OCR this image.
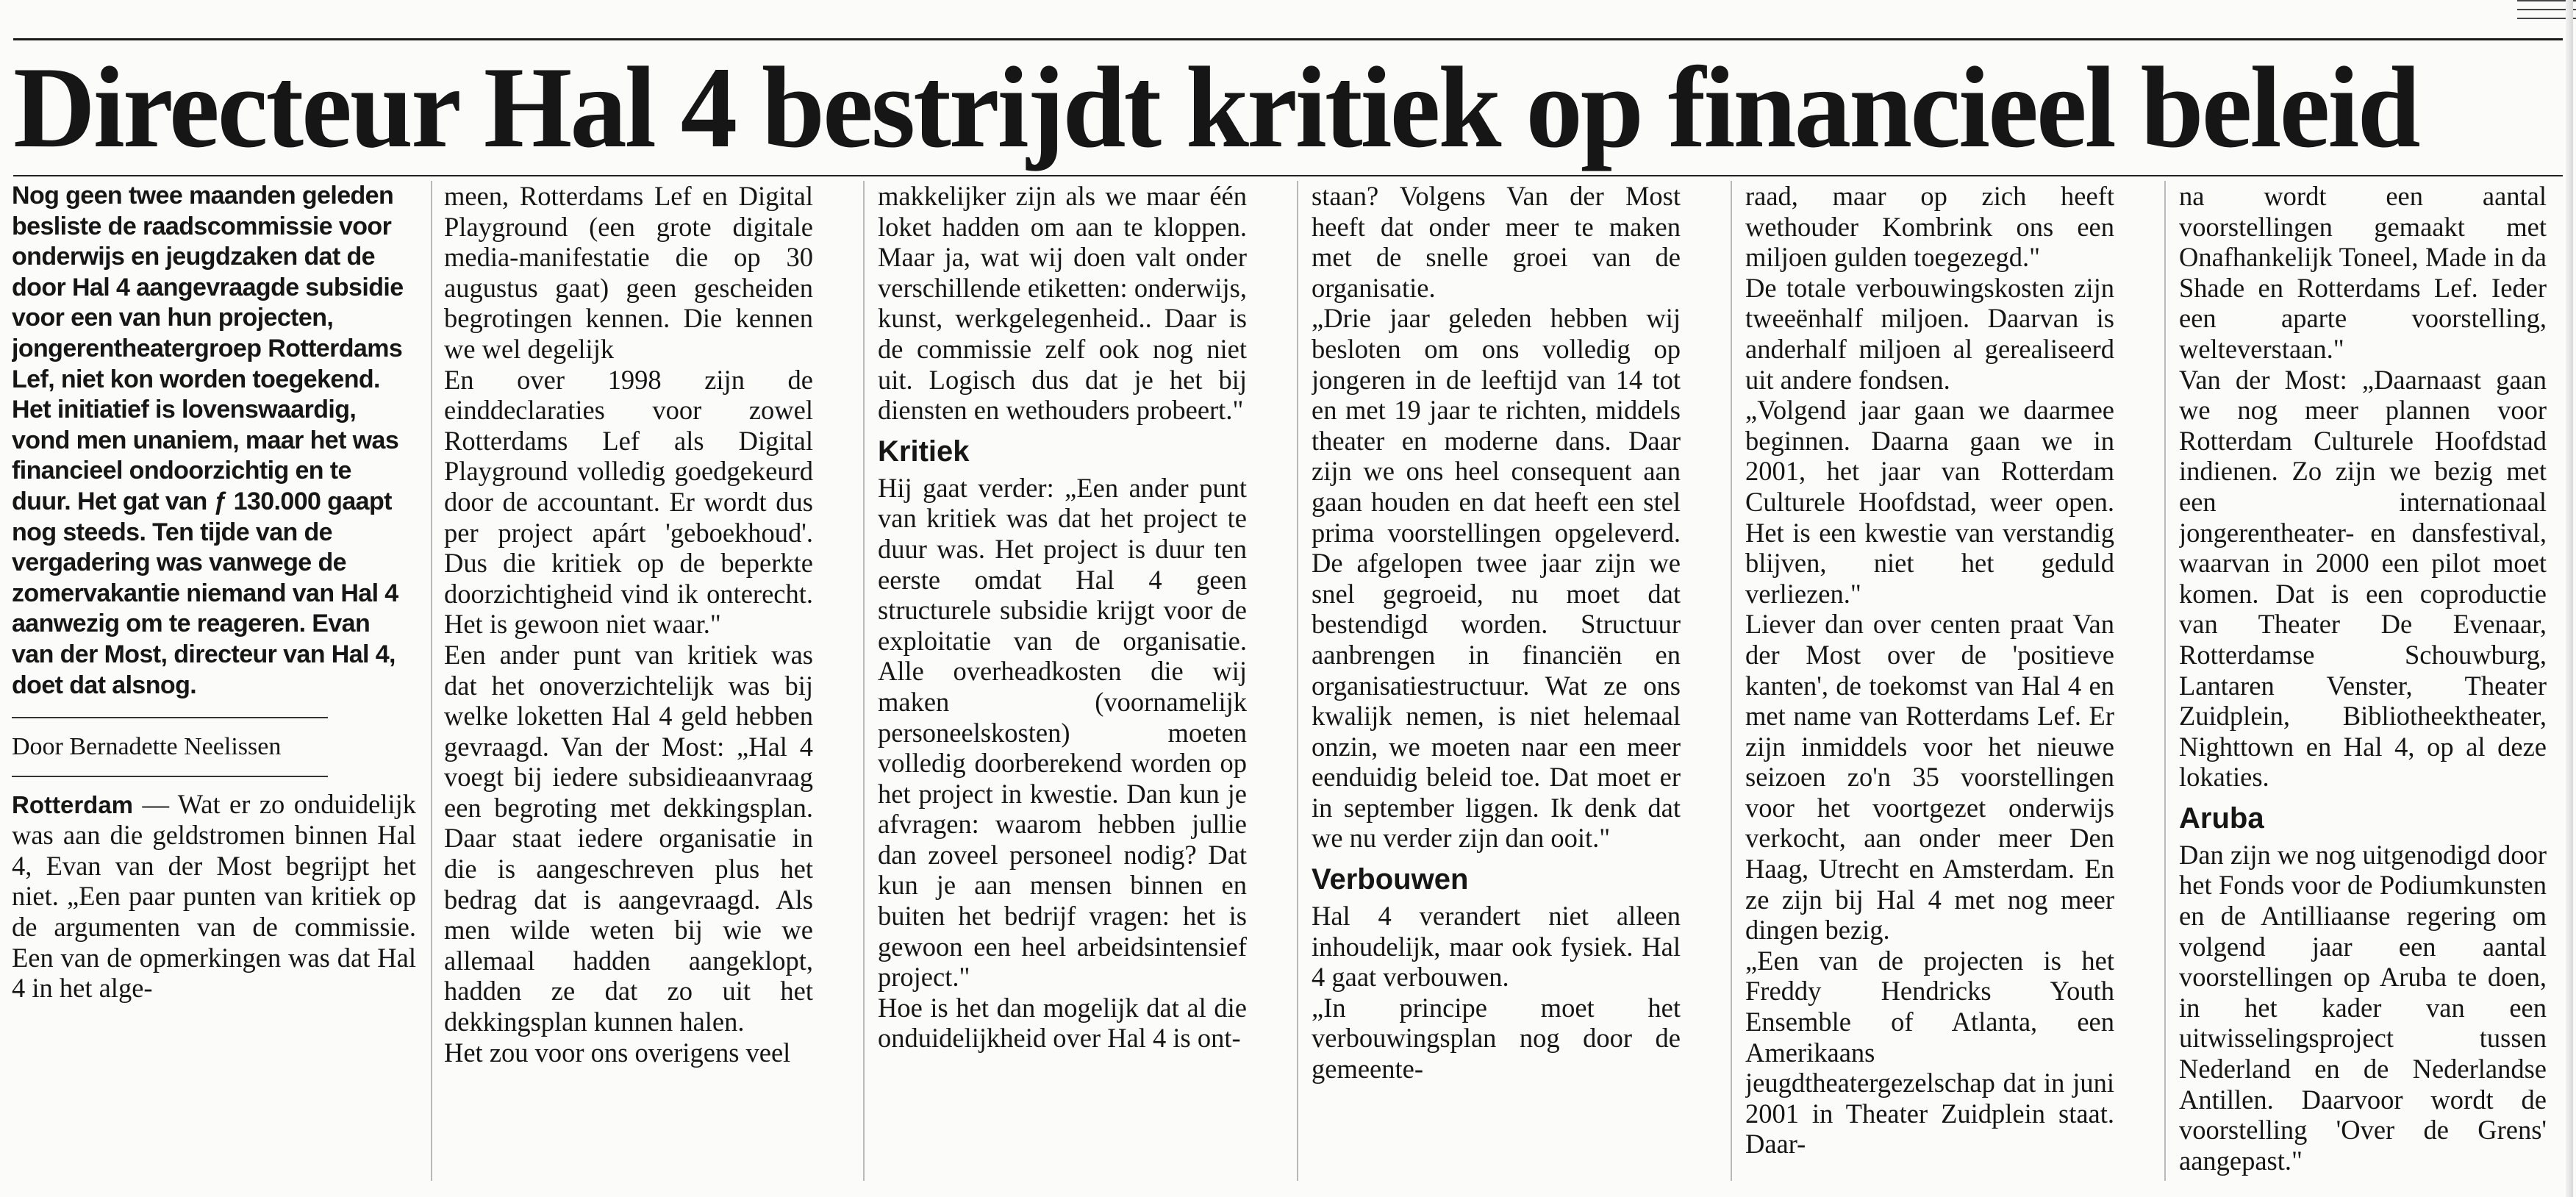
Directeur Hal 4 bestrijdt kritiek op financieel beleid

Nog geen twee maanden geleden besliste de raadscommissie voor onderwijs en jeugdzaken dat de door Hal 4 aangevraagde subsidie voor een van hun projecten, jongerentheatergroep Rotterdams Lef, niet kon worden toegekend. Het initiatief is lovenswaardig, vond men unaniem, maar het was financieel ondoorzichtig en te duur. Het gat van ƒ 130.000 gaapt nog steeds. Ten tijde van de vergadering was vanwege de zomervakantie niemand van Hal 4 aanwezig om te reageren. Evan van der Most, directeur van Hal 4, doet dat alsnog.

Door Bernadette Neelissen

Rotterdam — Wat er zo onduidelijk was aan die geldstromen binnen Hal 4, Evan van der Most begrijpt het niet. „Een paar punten van kritiek op de argumenten van de commissie. Een van de opmerkingen was dat Hal 4 in het alge-

meen, Rotterdams Lef en Digital Playground (een grote digitale media-manifestatie die op 30 augustus gaat) geen gescheiden begrotingen kennen. Die kennen we wel degelijk

En over 1998 zijn de einddeclaraties voor zowel Rotterdams Lef als Digital Playground volledig goedgekeurd door de accountant. Er wordt dus per project apárt 'geboekhoud'. Dus die kritiek op de beperkte doorzichtigheid vind ik onterecht. Het is gewoon niet waar."

Een ander punt van kritiek was dat het onoverzichtelijk was bij welke loketten Hal 4 geld hebben gevraagd. Van der Most: „Hal 4 voegt bij iedere subsidieaanvraag een begroting met dekkingsplan. Daar staat iedere organisatie in die is aangeschreven plus het bedrag dat is aangevraagd. Als men wilde weten bij wie we allemaal hadden aangeklopt, hadden ze dat zo uit het dekkingsplan kunnen halen.

Het zou voor ons overigens veel

makkelijker zijn als we maar één loket hadden om aan te kloppen. Maar ja, wat wij doen valt onder verschillende etiketten: onderwijs, kunst, werkgelegenheid.. Daar is de commissie zelf ook nog niet uit. Logisch dus dat je het bij diensten en wethouders probeert."

Kritiek

Hij gaat verder: „Een ander punt van kritiek was dat het project te duur was. Het project is duur ten eerste omdat Hal 4 geen structurele subsidie krijgt voor de exploitatie van de organisatie. Alle overheadkosten die wij maken (voornamelijk personeelskosten) moeten volledig doorberekend worden op het project in kwestie. Dan kun je afvragen: waarom hebben jullie dan zoveel personeel nodig? Dat kun je aan mensen binnen en buiten het bedrijf vragen: het is gewoon een heel arbeidsintensief project."

Hoe is het dan mogelijk dat al die onduidelijkheid over Hal 4 is ont-

staan? Volgens Van der Most heeft dat onder meer te maken met de snelle groei van de organisatie.

„Drie jaar geleden hebben wij besloten om ons volledig op jongeren in de leeftijd van 14 tot en met 19 jaar te richten, middels theater en moderne dans. Daar zijn we ons heel consequent aan gaan houden en dat heeft een stel prima voorstellingen opgeleverd. De afgelopen twee jaar zijn we snel gegroeid, nu moet dat bestendigd worden. Structuur aanbrengen in financiën en organisatiestructuur. Wat ze ons kwalijk nemen, is niet helemaal onzin, we moeten naar een meer eenduidig beleid toe. Dat moet er in september liggen. Ik denk dat we nu verder zijn dan ooit."

Verbouwen

Hal 4 verandert niet alleen inhoudelijk, maar ook fysiek. Hal 4 gaat verbouwen.

„In principe moet het verbouwingsplan nog door de gemeente-

raad, maar op zich heeft wethouder Kombrink ons een miljoen gulden toegezegd."

De totale verbouwingskosten zijn tweeënhalf miljoen. Daarvan is anderhalf miljoen al gerealiseerd uit andere fondsen.

„Volgend jaar gaan we daarmee beginnen. Daarna gaan we in 2001, het jaar van Rotterdam Culturele Hoofdstad, weer open. Het is een kwestie van verstandig blijven, niet het geduld verliezen."

Liever dan over centen praat Van der Most over de 'positieve kanten', de toekomst van Hal 4 en met name van Rotterdams Lef. Er zijn inmiddels voor het nieuwe seizoen zo'n 35 voorstellingen voor het voortgezet onderwijs verkocht, aan onder meer Den Haag, Utrecht en Amsterdam. En ze zijn bij Hal 4 met nog meer dingen bezig.

„Een van de projecten is het Freddy Hendricks Youth Ensemble of Atlanta, een Amerikaans jeugdtheatergezelschap dat in juni 2001 in Theater Zuidplein staat. Daar-

na wordt een aantal voorstellingen gemaakt met Onafhankelijk Toneel, Made in da Shade en Rotterdams Lef. Ieder een aparte voorstelling, welteverstaan."

Van der Most: „Daarnaast gaan we nog meer plannen voor Rotterdam Culturele Hoofdstad indienen. Zo zijn we bezig met een internationaal jongerentheater- en dansfestival, waarvan in 2000 een pilot moet komen. Dat is een coproductie van Theater De Evenaar, Rotterdamse Schouwburg, Lantaren Venster, Theater Zuidplein, Bibliotheektheater, Nighttown en Hal 4, op al deze lokaties.

Aruba

Dan zijn we nog uitgenodigd door het Fonds voor de Podiumkunsten en de Antilliaanse regering om volgend jaar een aantal voorstellingen op Aruba te doen, in het kader van een uitwisselingsproject tussen Nederland en de Nederlandse Antillen. Daarvoor wordt de voorstelling 'Over de Grens' aangepast."
